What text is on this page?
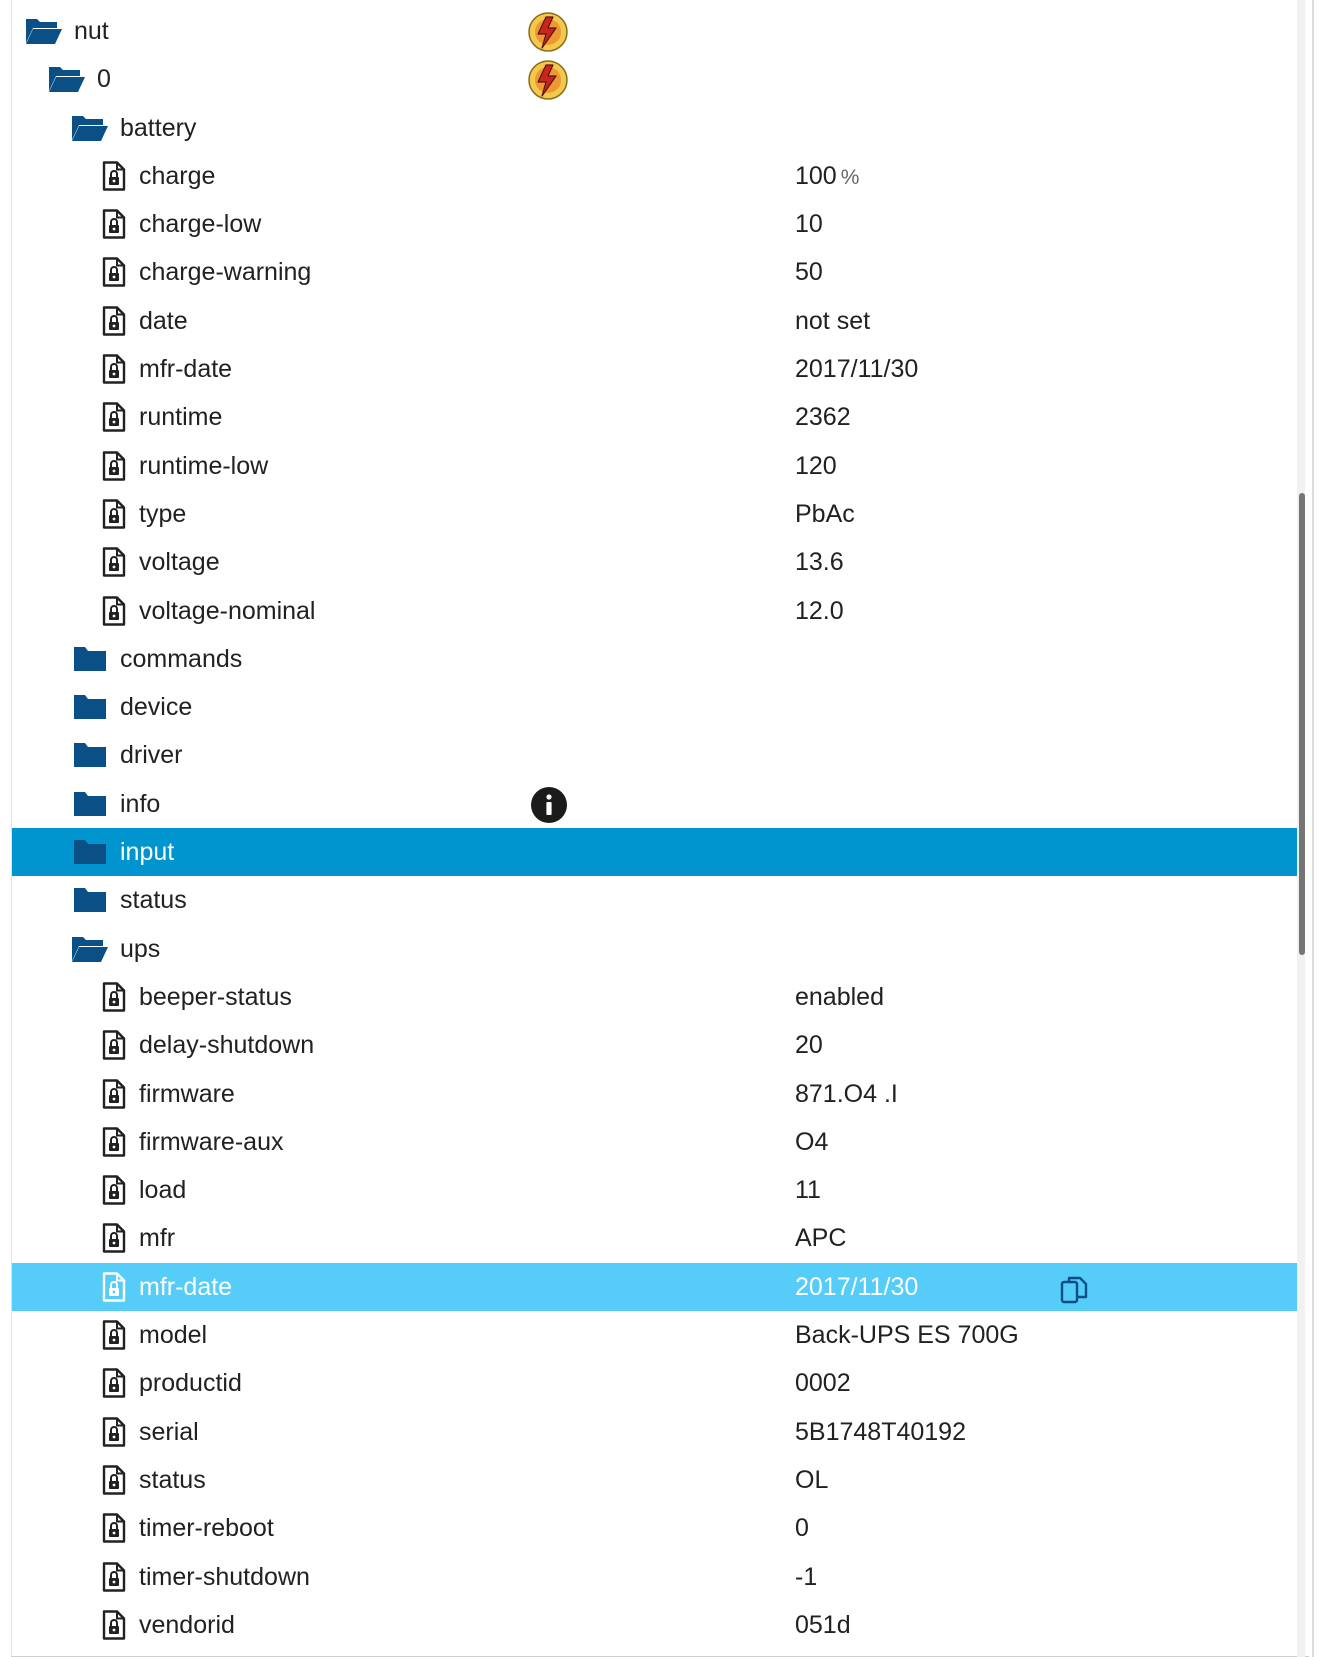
nut
0
battery
charge	100 %
charge-low	10
charge-warning	50
date	not set
mfr-date	2017/11/30
runtime	2362
runtime-low	120
type	PbAc
voltage	13.6
voltage-nominal	12.0
commands
device
driver
info
input
status
ups
beeper-status	enabled
delay-shutdown	20
firmware	871.O4 .I
firmware-aux	O4
load	11
mfr	APC
mfr-date	2017/11/30
model	Back-UPS ES 700G
productid	0002
serial	5B1748T40192
status	OL
timer-reboot	0
timer-shutdown	-1
vendorid	051d
